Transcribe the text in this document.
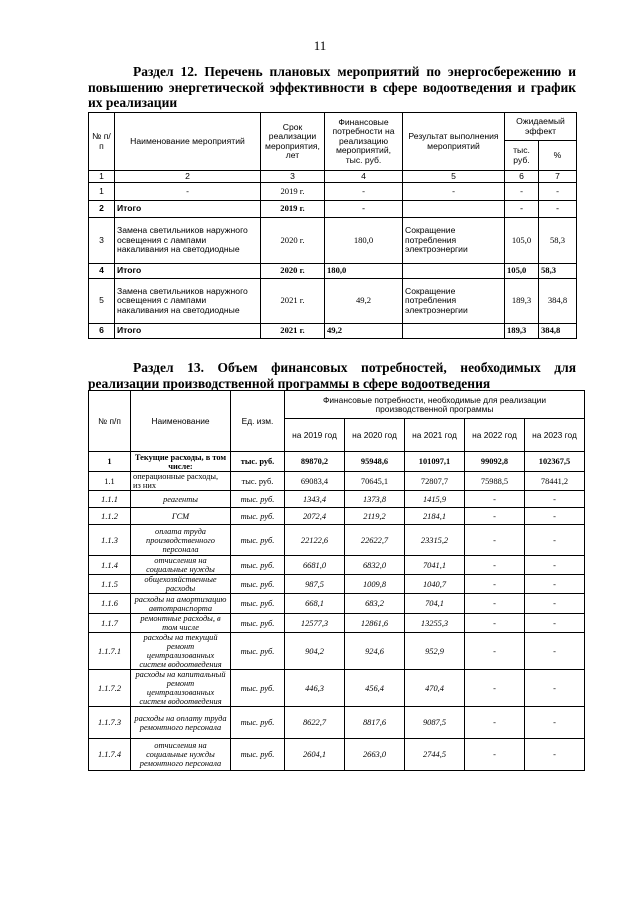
11
Раздел 12. Перечень плановых мероприятий по энергосбережению и повышению энергетической эффективности в сфере водоотведения и график их реализации
№ п/п	Наименование мероприятий	Срок реализации мероприятия, лет	Финансовые потребности на реализацию мероприятий, тыс. руб.	Результат выполнения мероприятий	Ожидаемый эффект	
					тыс. руб.	%
1	2	3	4	5	6	7
1	-	2019 г.	-	-	-	-
2	Итого	2019 г.	-		-	-
3	Замена светильников наружного освещения с лампами накаливания на светодиодные	2020 г.	180,0	Сокращение потребления электроэнергии	105,0	58,3
4	Итого	2020 г.	180,0		105,0	58,3
5	Замена светильников наружного освещения с лампами накаливания на светодиодные	2021 г.	49,2	Сокращение потребления электроэнергии	189,3	384,8
6	Итого	2021 г.	49,2		189,3	384,8
Раздел 13. Объем финансовых потребностей, необходимых для реализации производственной программы в сфере водоотведения
№ п/п	Наименование	Ед. изм.	Финансовые потребности, необходимые для реализации производственной программы				
			на 2019 год	на 2020 год	на 2021 год	на 2022 год	на 2023 год
1	Текущие расходы, в том числе:	тыс. руб.	89870,2	95948,6	101097,1	99092,8	102367,5
1.1	операционные расходы, из них	тыс. руб.	69083,4	70645,1	72807,7	75988,5	78441,2
1.1.1	реагенты	тыс. руб.	1343,4	1373,8	1415,9	-	-
1.1.2	ГСМ	тыс. руб.	2072,4	2119,2	2184,1	-	-
1.1.3	оплата труда производственного персонала	тыс. руб.	22122,6	22622,7	23315,2	-	-
1.1.4	отчисления на социальные нужды	тыс. руб.	6681,0	6832,0	7041,1	-	-
1.1.5	общехозяйственные расходы	тыс. руб.	987,5	1009,8	1040,7	-	-
1.1.6	расходы на амортизацию автотранспорта	тыс. руб.	668,1	683,2	704,1	-	-
1.1.7	ремонтные расходы, в том числе	тыс. руб.	12577,3	12861,6	13255,3	-	-
1.1.7.1	расходы на текущий ремонт централизованных систем водоотведения	тыс. руб.	904,2	924,6	952,9	-	-
1.1.7.2	расходы на капитальный ремонт централизованных систем водоотведения	тыс. руб.	446,3	456,4	470,4	-	-
1.1.7.3	расходы на оплату труда ремонтного персонала	тыс. руб.	8622,7	8817,6	9087,5	-	-
1.1.7.4	отчисления на социальные нужды ремонтного персонала	тыс. руб.	2604,1	2663,0	2744,5	-	-
